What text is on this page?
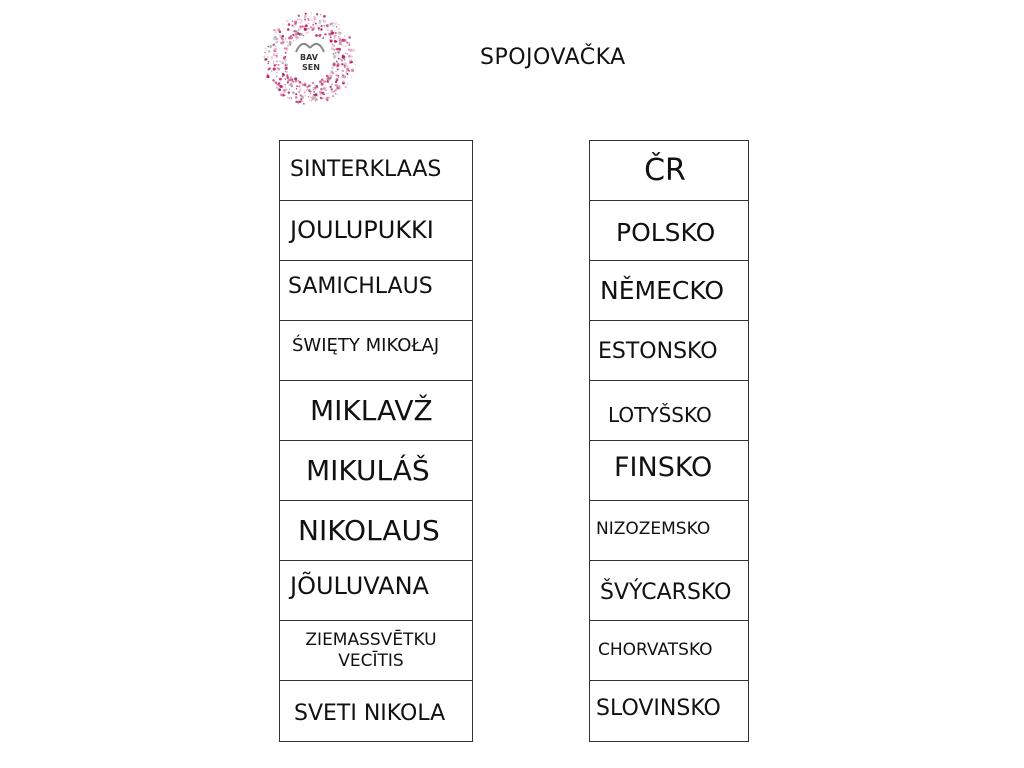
BAV
SEN	SPOJOVAČKA
SINTERKLAAS
JOULUPUKKI
SAMICHLAUS
ŚWIĘTY MIKOŁAJ
MIKLAVŽ
MIKULÁŠ
NIKOLAUS
JÕULUVANA
ZIEMASSVĒTKU
VECĪTIS
SVETI NIKOLA
ČR
POLSKO
NĚMECKO
ESTONSKO
LOTYŠSKO
FINSKO
NIZOZEMSKO
ŠVÝCARSKO
CHORVATSKO
SLOVINSKO
